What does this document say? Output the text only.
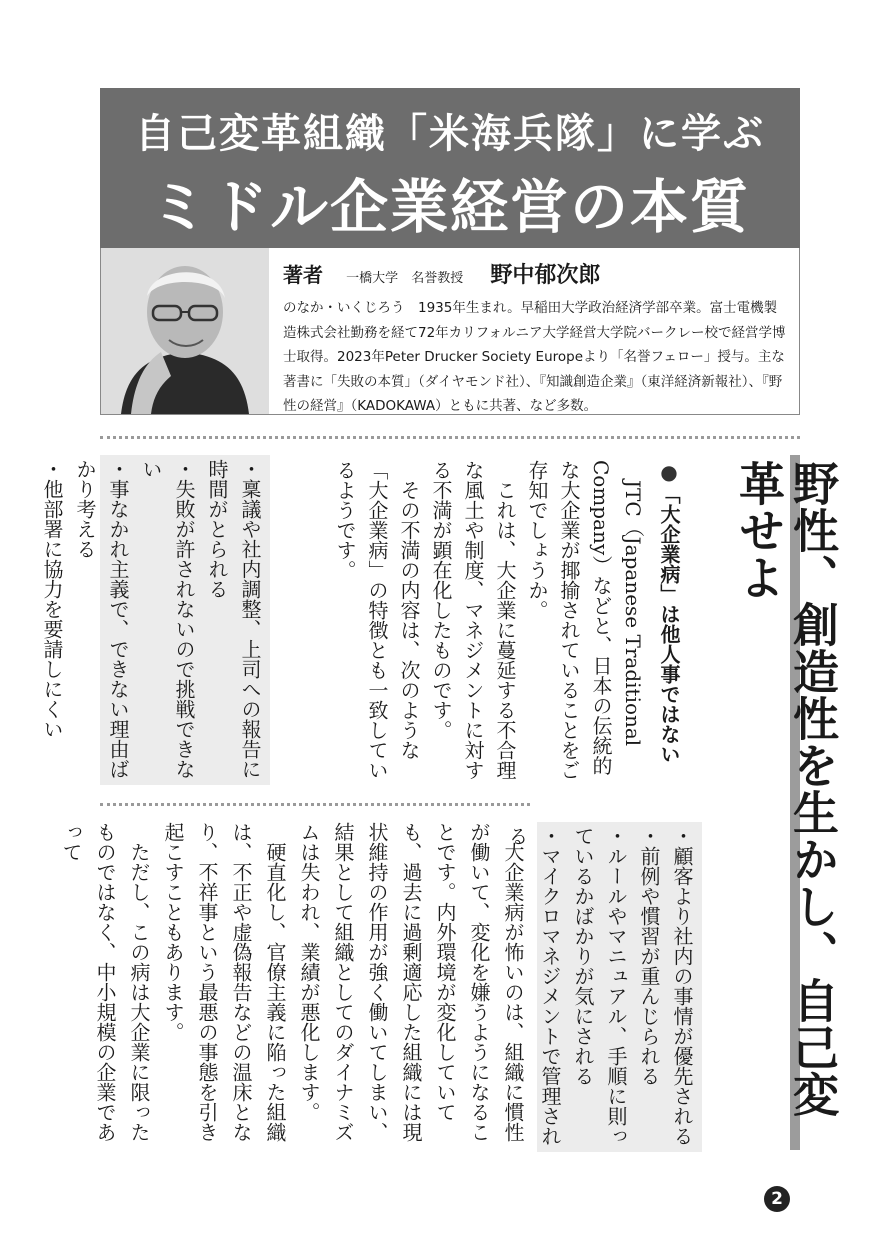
自己変革組織「米海兵隊」に学ぶ
ミドル企業経営の本質
著者 一橋大学 名誉教授 野中郁次郎
のなか・いくじろう　1935年生まれ。早稲田大学政治経済学部卒業。富士電機製造株式会社勤務を経て72年カリフォルニア大学経営大学院バークレー校で経営学博士取得。2023年Peter Drucker Society Europeより「名誉フェロー」授与。主な著書に「失敗の本質」（ダイヤモンド社）、『知識創造企業』（東洋経済新報社）、『野性の経営』（KADOKAWA）ともに共著、など多数。
野性、創造性を生かし、自己変革せよ
●「大企業病」は他人事ではない

JTC（Japanese Traditional Company）などと、日本の伝統的な大企業が揶揄されていることをご存知でしょうか。

これは、大企業に蔓延する不合理な風土や制度、マネジメントに対する不満が顕在化したものです。

その不満の内容は、次のような「大企業病」の特徴とも一致しているようです。

・稟議や社内調整、上司への報告に時間がとられる
・失敗が許されないので挑戦できない
・事なかれ主義で、できない理由ばかり考える
・他部署に協力を要請しにくい
・顧客より社内の事情が優先される
・前例や慣習が重んじられる
・ルールやマニュアル、手順に則っているかばかりが気にされる
・マイクロマネジメントで管理される

大企業病が怖いのは、組織に慣性が働いて、変化を嫌うようになることです。内外環境が変化していても、過去に過剰適応した組織には現状維持の作用が強く働いてしまい、結果として組織としてのダイナミズムは失われ、業績が悪化します。

硬直化し、官僚主義に陥った組織は、不正や虚偽報告などの温床となり、不祥事という最悪の事態を引き起こすこともあります。

ただし、この病は大企業に限ったものではなく、中小規模の企業であって

2
